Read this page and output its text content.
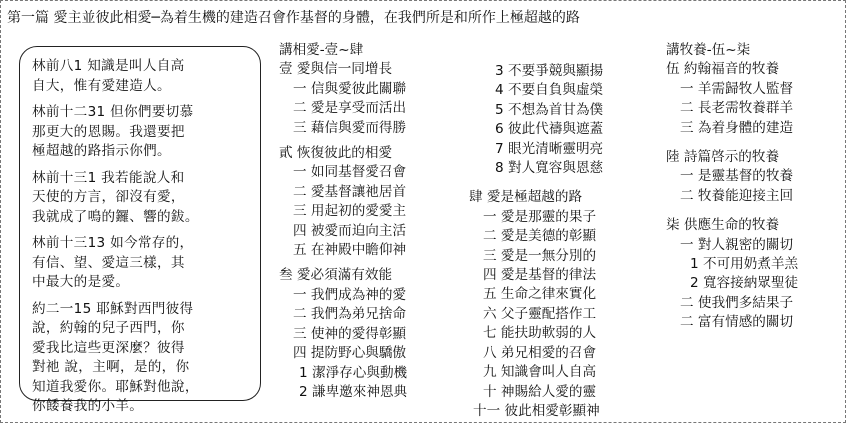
第一篇 愛主並彼此相愛─為着生機的建造召會作基督的身體，在我們所是和所作上極超越的路
林前八1 知識是叫人自高
自大，惟有愛建造人。
林前十二31 但你們要切慕
那更大的恩賜。我還要把
極超越的路指示你們。
林前十三1 我若能說人和
天使的方言，卻沒有愛，
我就成了鳴的鑼、響的鈸。
林前十三13 如今常存的，
有信、望、愛這三樣，其
中最大的是愛。
約二一15 耶穌對西門彼得
說，約翰的兒子西門，你
愛我比這些更深麼？彼得
對祂 說，主啊，是的，你
知道我愛你。耶穌對他說，
你餧養我的小羊。
講相愛-壹~肆
壹 愛與信一同增長
一 信與愛彼此關聯
二 愛是享受而活出
三 藉信與愛而得勝
貳 恢復彼此的相愛
一 如同基督愛召會
二 愛基督讓祂居首
三 用起初的愛愛主
四 被愛而迫向主活
五 在神殿中瞻仰神
叁 愛必須滿有效能
一 我們成為神的愛
二 我們為弟兄捨命
三 使神的愛得彰顯
四 提防野心與驕傲
1 潔淨存心與動機
2 謙卑邀來神恩典
3 不要爭競與顯揚
4 不要自負與虛榮
5 不想為首甘為僕
6 彼此代禱與遮蓋
7 眼光清晰靈明亮
8 對人寬容與恩慈
肆 愛是極超越的路
一 愛是那靈的果子
二 愛是美德的彰顯
三 愛是一無分別的
四 愛是基督的律法
五 生命之律來實化
六 父子靈配搭作工
七 能扶助軟弱的人
八 弟兄相愛的召會
九 知識會叫人自高
十 神賜給人愛的靈
十一 彼此相愛彰顯神
講牧養-伍~柒
伍 約翰福音的牧養
一 羊需歸牧人監督
二 長老需牧養群羊
三 為着身體的建造
陸 詩篇啓示的牧養
一 是靈基督的牧養
二 牧養能迎接主回
柒 供應生命的牧養
一 對人親密的關切
1 不可用奶煮羊羔
2 寬容接納眾聖徒
二 使我們多結果子
二 富有情感的關切
